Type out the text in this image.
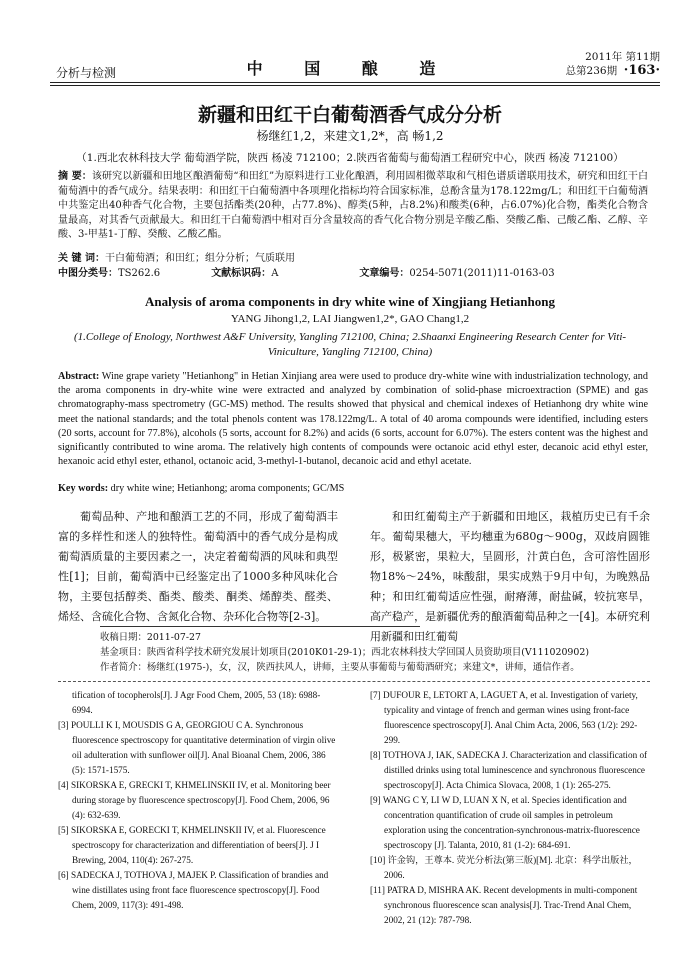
分析与检测	中 国 酿 造
2011年 第11期
总第236期 ·163·
新疆和田红干白葡萄酒香气成分分析
杨继红1,2，来建文1,2*，高 畅1,2
（1.西北农林科技大学 葡萄酒学院，陕西 杨凌 712100；2.陕西省葡萄与葡萄酒工程研究中心，陕西 杨凌 712100）
摘 要：该研究以新疆和田地区酿酒葡萄“和田红”为原料进行工业化酿酒，利用固相微萃取和气相色谱质谱联用技术，研究和田红干白葡萄酒中的香气成分。结果表明：和田红干白葡萄酒中各项理化指标均符合国家标准，总酚含量为178.122mg/L；和田红干白葡萄酒中共鉴定出40种香气化合物，主要包括酯类(20种，占77.8%)、醇类(5种，占8.2%)和酸类(6种，占6.07%)化合物，酯类化合物含量最高，对其香气贡献最大。和田红干白葡萄酒中相对百分含量较高的香气化合物分别是辛酸乙酯、癸酸乙酯、己酸乙酯、乙醇、辛酸、3-甲基1-丁醇、癸酸、乙酸乙酯。
关 键 词：干白葡萄酒；和田红；组分分析；气质联用
中图分类号：TS262.6	文献标识码：A	文章编号：0254-5071(2011)11-0163-03
Analysis of aroma components in dry white wine of Xingjiang Hetianhong
YANG Jihong1,2, LAI Jiangwen1,2*, GAO Chang1,2
(1.College of Enology, Northwest A&F University, Yangling 712100, China; 2.Shaanxi Engineering Research Center for Viti-Viniculture, Yangling 712100, China)
Abstract: Wine grape variety "Hetianhong" in Hetian Xinjiang area were used to produce dry-white wine with industrialization technology, and the aroma components in dry-white wine were extracted and analyzed by combination of solid-phase microextraction (SPME) and gas chromatography-mass spectrometry (GC-MS) method. The results showed that physical and chemical indexes of Hetianhong dry white wine meet the national standards; and the total phenols content was 178.122mg/L. A total of 40 aroma compounds were identified, including esters (20 sorts, account for 77.8%), alcohols (5 sorts, account for 8.2%) and acids (6 sorts, account for 6.07%). The esters content was the highest and significantly contributed to wine aroma. The relatively high contents of compounds were octanoic acid ethyl ester, decanoic acid ethyl ester, hexanoic acid ethyl ester, ethanol, octanoic acid, 3-methyl-1-butanol, decanoic acid and ethyl acetate.
Key words: dry white wine; Hetianhong; aroma components; GC/MS
葡萄品种、产地和酿酒工艺的不同，形成了葡萄酒丰富的多样性和迷人的独特性。葡萄酒中的香气成分是构成葡萄酒质量的主要因素之一，决定着葡萄酒的风味和典型性[1]；目前，葡萄酒中已经鉴定出了1000多种风味化合物，主要包括醇类、酯类、酸类、酮类、烯醇类、醛类、烯烃、含硫化合物、含氮化合物、杂环化合物等[2-3]。
和田红葡萄主产于新疆和田地区，栽植历史已有千余年。葡萄果穗大，平均穗重为680g～900g，双歧肩圆锥形，极紧密，果粒大，呈圆形，汁黄白色，含可溶性固形物18%～24%，味酸甜，果实成熟于9月中旬，为晚熟品种；和田红葡萄适应性强，耐瘠薄，耐盐碱，较抗寒旱，高产稳产，是新疆优秀的酿酒葡萄品种之一[4]。本研究利用新疆和田红葡萄
收稿日期：2011-07-27
基金项目：陕西省科学技术研究发展计划项目(2010K01-29-1)；西北农林科技大学回国人员资助项目(V111020902)
作者简介：杨继红(1975-)，女，汉，陕西扶风人，讲师，主要从事葡萄与葡萄酒研究；来建文*，讲师，通信作者。
tification of tocopherols[J]. J Agr Food Chem, 2005, 53 (18): 6988-6994.
[3] POULLI K I, MOUSDIS G A, GEORGIOU C A. Synchronous fluorescence spectroscopy for quantitative determination of virgin olive oil adulteration with sunflower oil[J]. Anal Bioanal Chem, 2006, 386 (5): 1571-1575.
[4] SIKORSKA E, GRECKI T, KHMELINSKII IV, et al. Monitoring beer during storage by fluorescence spectroscopy[J]. Food Chem, 2006, 96 (4): 632-639.
[5] SIKORSKA E, GORECKI T, KHMELINSKII IV, et al. Fluorescence spectroscopy for characterization and differentiation of beers[J]. J I Brewing, 2004, 110(4): 267-275.
[6] SADECKA J, TOTHOVA J, MAJEK P. Classification of brandies and wine distillates using front face fluorescence spectroscopy[J]. Food Chem, 2009, 117(3): 491-498.
[7] DUFOUR E, LETORT A, LAGUET A, et al. Investigation of variety, typicality and vintage of french and german wines using front-face fluorescence spectroscopy[J]. Anal Chim Acta, 2006, 563 (1/2): 292-299.
[8] TOTHOVA J, IAK, SADECKA J. Characterization and classification of distilled drinks using total luminescence and synchronous fluorescence spectroscopy[J]. Acta Chimica Slovaca, 2008, 1 (1): 265-275.
[9] WANG C Y, LI W D, LUAN X N, et al. Species identification and concentration quantification of crude oil samples in petroleum exploration using the concentration-synchronous-matrix-fluorescence spectroscopy [J]. Talanta, 2010, 81 (1-2): 684-691.
[10] 许金钩，王尊本. 荧光分析法(第三版)[M]. 北京：科学出版社，2006.
[11] PATRA D, MISHRA AK. Recent developments in multi-component synchronous fluorescence scan analysis[J]. Trac-Trend Anal Chem, 2002, 21 (12): 787-798.
